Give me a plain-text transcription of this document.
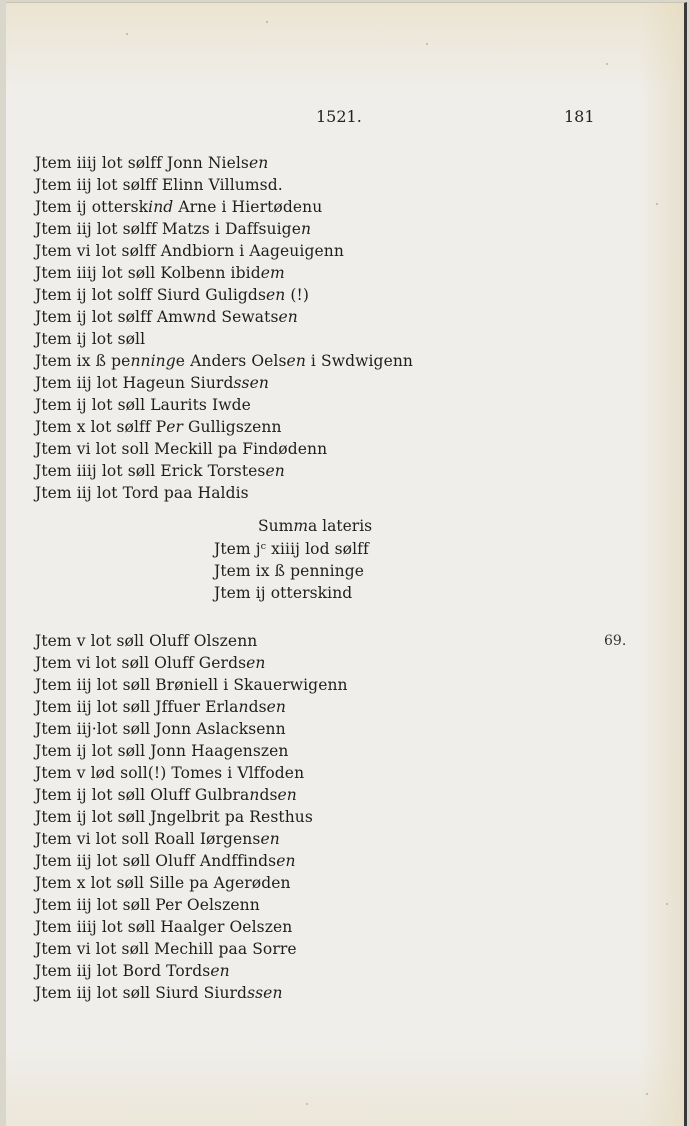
1521.	181
Jtem iiij lot sølff Jonn Nielsen
Jtem iij lot sølff Elinn Villumsd.
Jtem ij otterskind Arne i Hiertødenu
Jtem iij lot sølff Matzs i Daffsuigen
Jtem vi lot sølff Andbiorn i Aageuigenn
Jtem iiij lot søll Kolbenn ibidem
Jtem ij lot solff Siurd Guligdsen (!)
Jtem ij lot sølff Amwnd Sewatsen
Jtem ij lot søll
Jtem ix ß penninge Anders Oelsen i Swdwigenn
Jtem iij lot Hageun Siurdssen
Jtem ij lot søll Laurits Iwde
Jtem x lot sølff Per Gulligszenn
Jtem vi lot soll Meckill pa Findødenn
Jtem iiij lot søll Erick Torstesen
Jtem iij lot Tord paa Haldis
Summa lateris
Jtem jᶜ xiiij lod sølff
Jtem ix ß penninge
Jtem ij otterskind
69.
Jtem v lot søll Oluff Olszenn
Jtem vi lot søll Oluff Gerdsen
Jtem iij lot søll Brøniell i Skauerwigenn
Jtem iij lot søll Jffuer Erlandsen
Jtem iij·lot søll Jonn Aslacksenn
Jtem ij lot søll Jonn Haagenszen
Jtem v lød soll(!) Tomes i Vlffoden
Jtem ij lot søll Oluff Gulbrandsen
Jtem ij lot søll Jngelbrit pa Resthus
Jtem vi lot soll Roall Iørgensen
Jtem iij lot søll Oluff Andffindsen
Jtem x lot søll Sille pa Agerøden
Jtem iij lot søll Per Oelszenn
Jtem iiij lot søll Haalger Oelszen
Jtem vi lot søll Mechill paa Sorre
Jtem iij lot Bord Tordsen
Jtem iij lot søll Siurd Siurdssen
